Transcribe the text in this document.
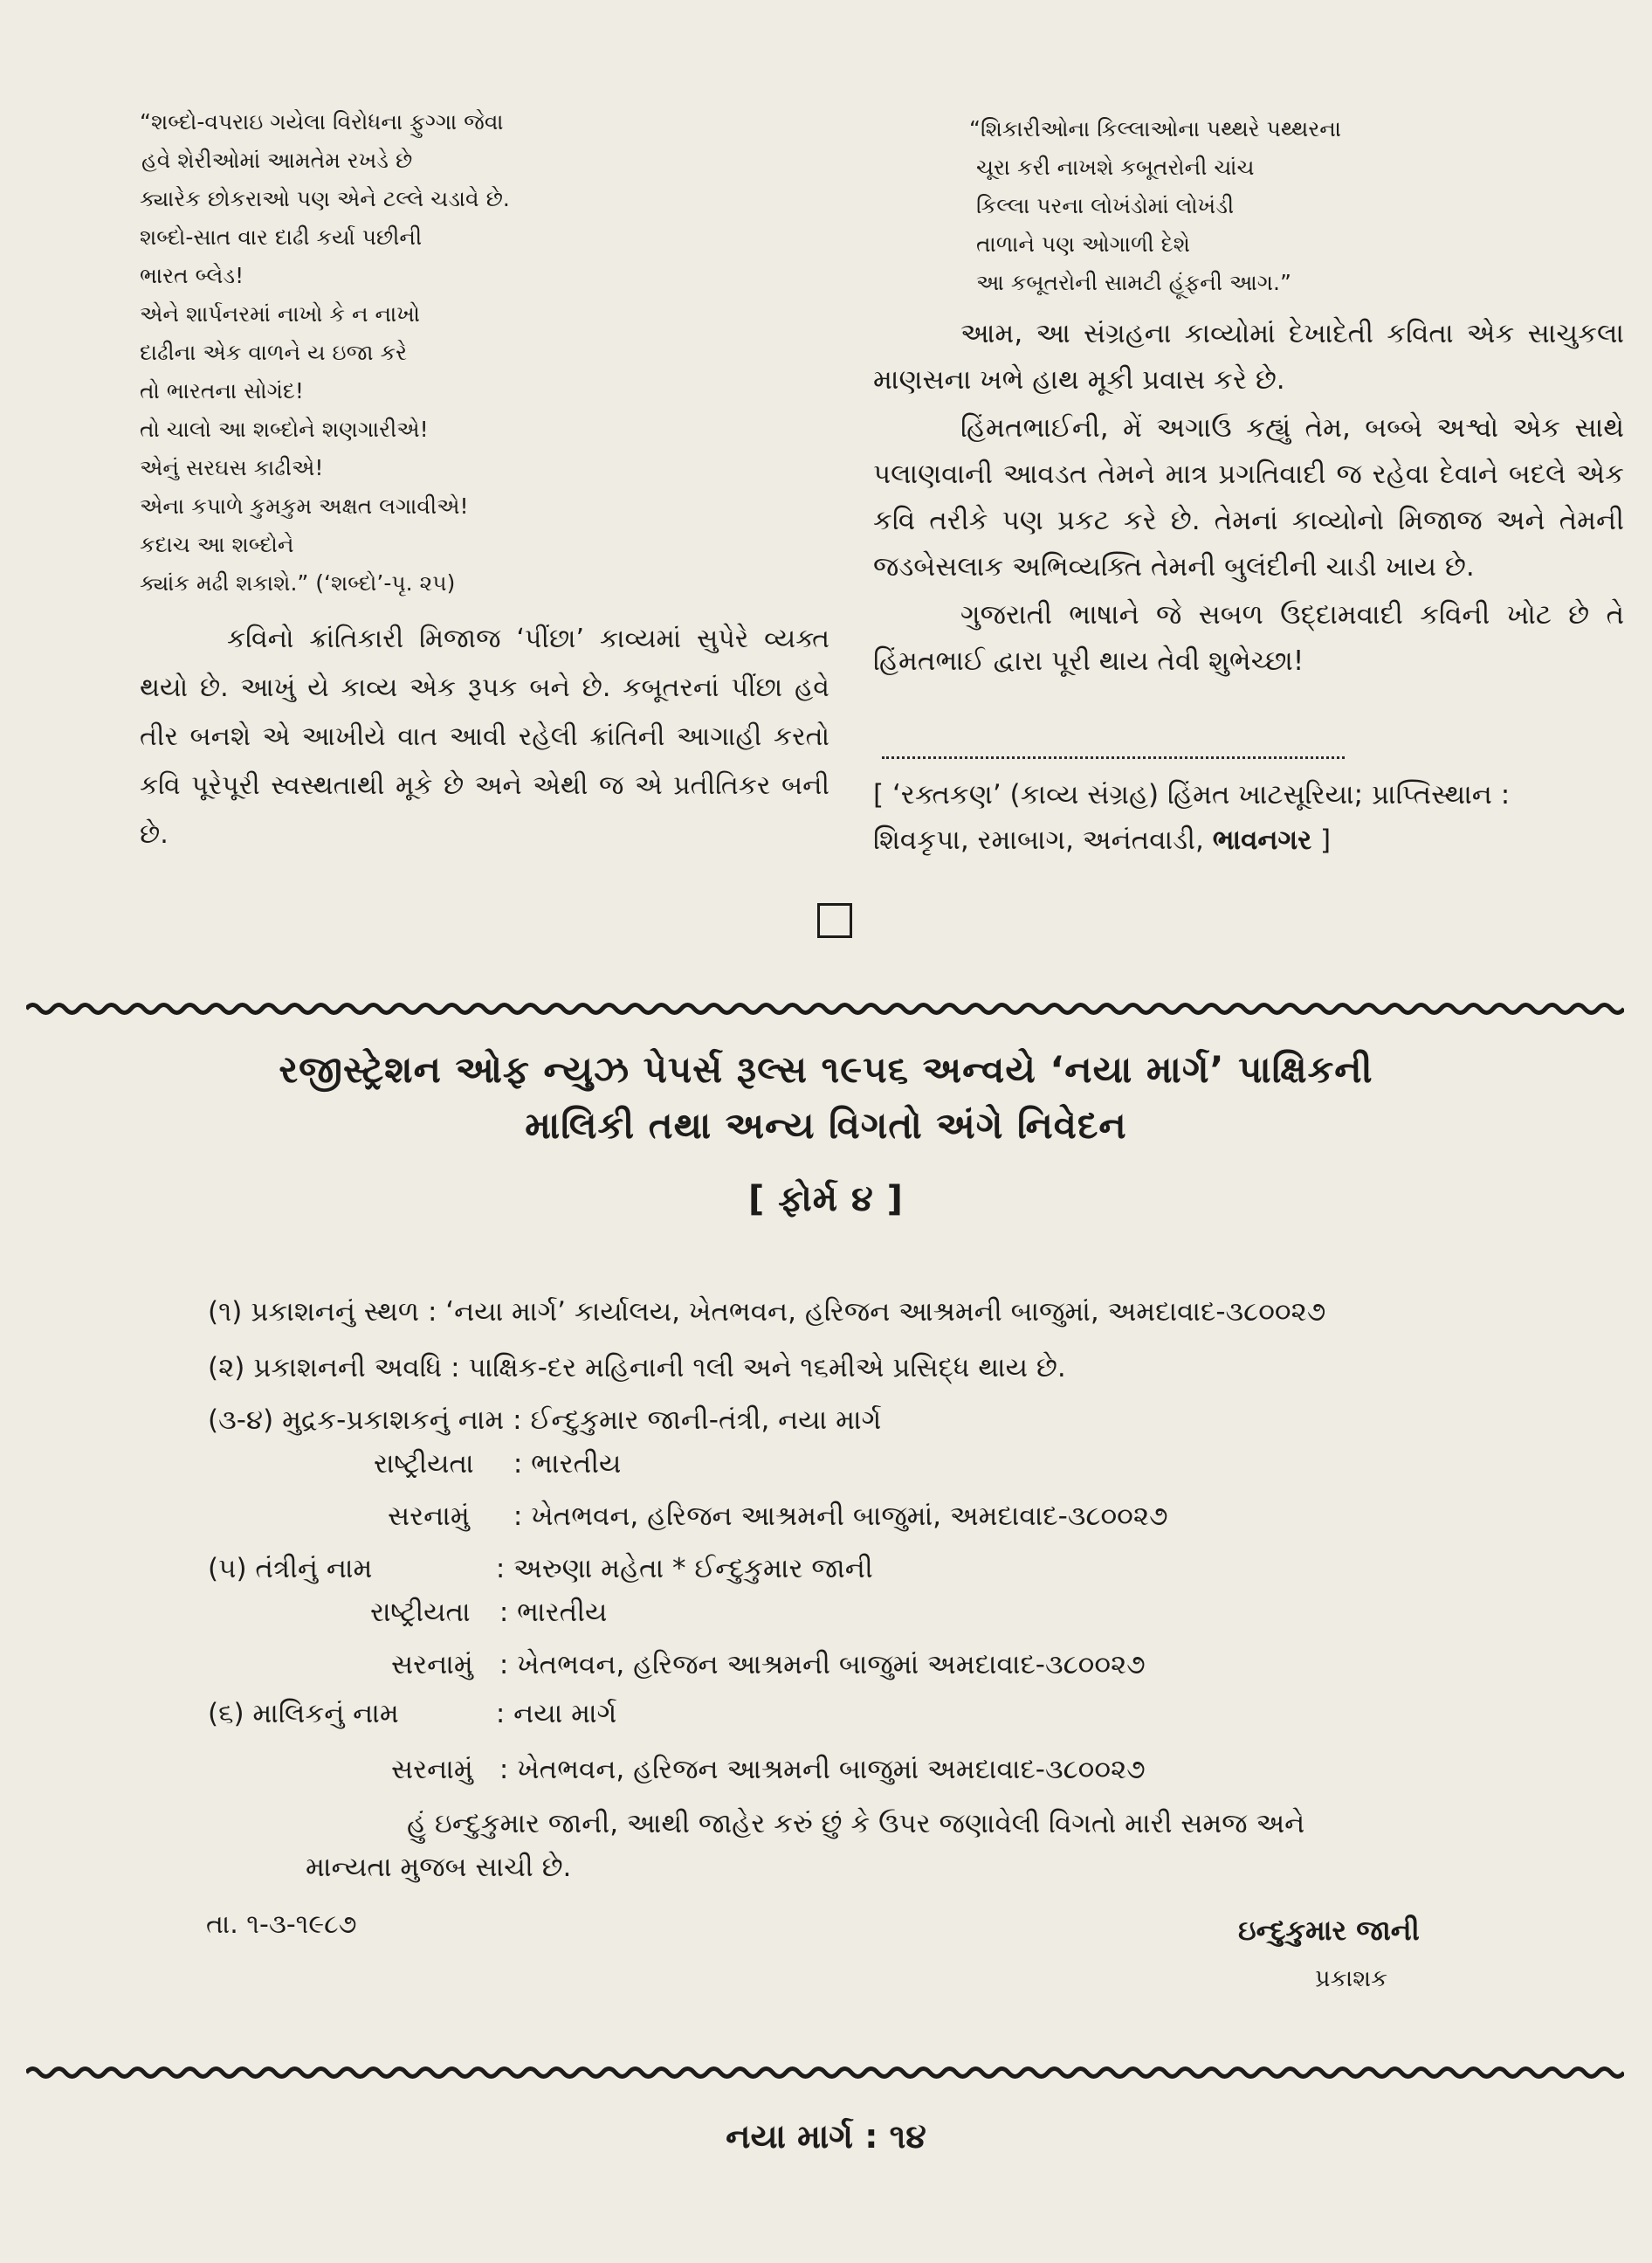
“શબ્દો-વપરાઇ ગયેલા વિરોધના ફુગ્ગા જેવા
હવે શેરીઓમાં આમતેમ રખડે છે
ક્યારેક છોકરાઓ પણ એને ટલ્લે ચડાવે છે.
શબ્દો-સાત વાર દાઢી કર્યા પછીની
ભારત બ્લેડ!
એને શાર્પનરમાં નાખો કે ન નાખો
દાઢીના એક વાળને ય ઇજા કરે
તો ભારતના સોગંદ!
તો ચાલો આ શબ્દોને શણગારીએ!
એનું સરઘસ કાઢીએ!
એના કપાળે કુમકુમ અક્ષત લગાવીએ!
કદાચ આ શબ્દોને
ક્યાંક મઢી શકાશે.” (‘શબ્દો’-પૃ. ૨૫)

કવિનો ક્રાંતિકારી મિજાજ ‘પીંછા’ કાવ્યમાં સુપેરે વ્યક્ત થયો છે. આખું યે કાવ્ય એક રૂપક બને છે. કબૂતરનાં પીંછા હવે તીર બનશે એ આખીયે વાત આવી રહેલી ક્રાંતિની આગાહી કરતો કવિ પૂરેપૂરી સ્વસ્થતાથી મૂકે છે અને એથી જ એ પ્રતીતિકર બની છે.

“શિકારીઓના કિલ્લાઓના પથ્થરે પથ્થરના
ચૂરા કરી નાખશે કબૂતરોની ચાંચ
કિલ્લા પરના લોખંડોમાં લોખંડી
તાળાને પણ ઓગાળી દેશે
આ કબૂતરોની સામટી હૂંફની આગ.”

આમ, આ સંગ્રહના કાવ્યોમાં દેખાદેતી કવિતા એક સાચુકલા માણસના ખભે હાથ મૂકી પ્રવાસ કરે છે.

હિંમતભાઈની, મેં અગાઉ કહ્યું તેમ, બબ્બે અશ્વો એક સાથે પલાણવાની આવડત તેમને માત્ર પ્રગતિવાદી જ રહેવા દેવાને બદલે એક કવિ તરીકે પણ પ્રકટ કરે છે. તેમનાં કાવ્યોનો મિજાજ અને તેમની જડબેસલાક અભિવ્યક્તિ તેમની બુલંદીની ચાડી ખાય છે.

ગુજરાતી ભાષાને જે સબળ ઉદ્દામવાદી કવિની ખોટ છે તે હિંમતભાઈ દ્વારા પૂરી થાય તેવી શુભેચ્છા!

[ ‘રક્તકણ’ (કાવ્ય સંગ્રહ) હિંમત ખાટસૂરિયા; પ્રાપ્તિસ્થાન :
શિવકૃપા, રમાબાગ, અનંતવાડી, ભાવનગર ]
રજીસ્ટ્રેશન ઓફ ન્યુઝ પેપર્સ રૂલ્સ ૧૯૫૬ અન્વયે ‘નયા માર્ગ’ પાક્ષિકની
માલિકી તથા અન્ય વિગતો અંગે નિવેદન
[ ફોર્મ ૪ ]
(૧) પ્રકાશનનું સ્થળ : ‘નયા માર્ગ’ કાર્યાલય, ખેતભવન, હરિજન આશ્રમની બાજુમાં, અમદાવાદ-૩૮૦૦૨૭
(૨) પ્રકાશનની અવધિ : પાક્ષિક-દર મહિનાની ૧લી અને ૧૬મીએ પ્રસિદ્ધ થાય છે.
(૩-૪) મુદ્રક-પ્રકાશકનું નામ : ઈન્દુકુમાર જાની-તંત્રી, નયા માર્ગ
રાષ્ટ્રીયતા : ભારતીય
સરનામું : ખેતભવન, હરિજન આશ્રમની બાજુમાં, અમદાવાદ-૩૮૦૦૨૭
(૫) તંત્રીનું નામ	: અરુણા મહેતા * ઈન્દુકુમાર જાની
રાષ્ટ્રીયતા : ભારતીય
સરનામું : ખેતભવન, હરિજન આશ્રમની બાજુમાં અમદાવાદ-૩૮૦૦૨૭
(૬) માલિકનું નામ	: નયા માર્ગ
સરનામું : ખેતભવન, હરિજન આશ્રમની બાજુમાં અમદાવાદ-૩૮૦૦૨૭
હું ઇન્દુકુમાર જાની, આથી જાહેર કરું છું કે ઉપર જણાવેલી વિગતો મારી સમજ અને
માન્યતા મુજબ સાચી છે.
તા. ૧-૩-૧૯૮૭	ઇન્દુકુમાર જાની
પ્રકાશક
નયા માર્ગ : ૧૪
